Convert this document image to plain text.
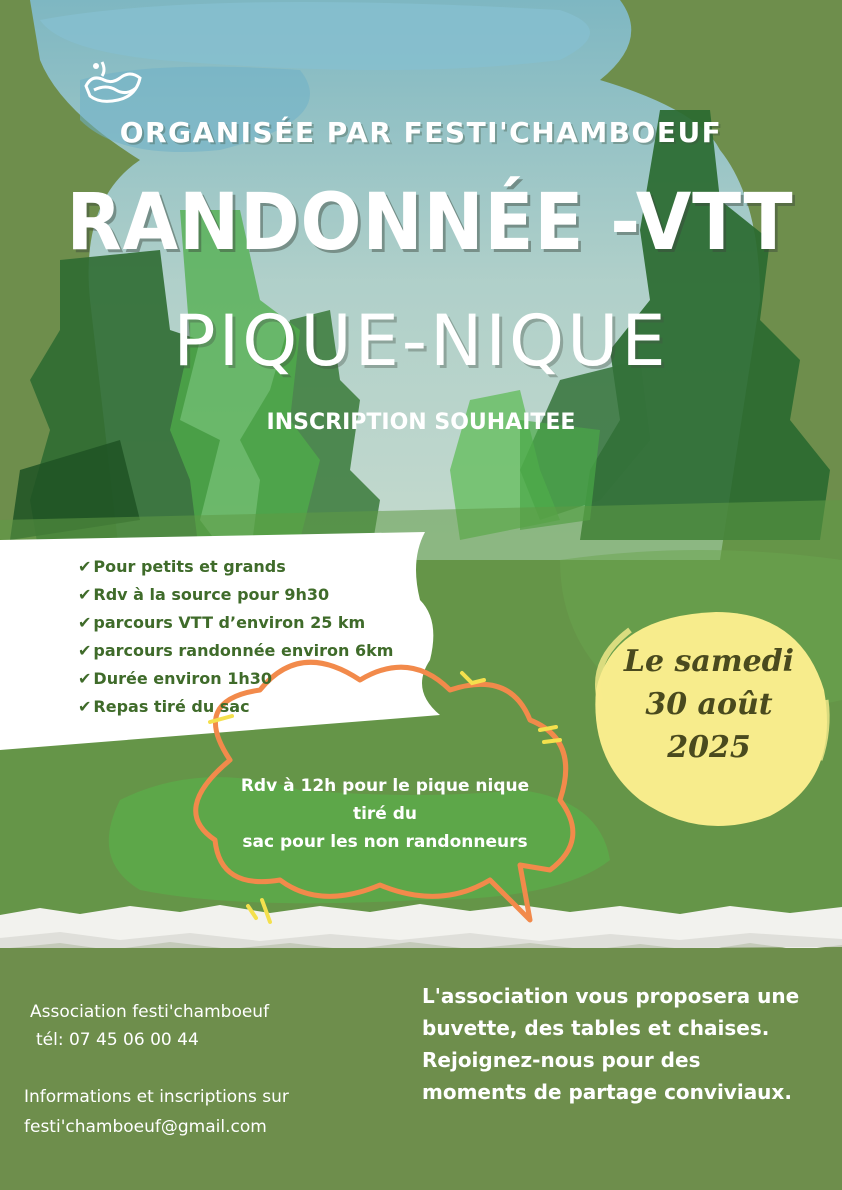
ORGANISÉE PAR FESTI'CHAMBOEUF
RANDONNÉE -VTT
PIQUE-NIQUE
INSCRIPTION SOUHAITEE
✔ Pour petits et grands
✔ Rdv à la source pour 9h30
✔ parcours VTT d’environ 25 km
✔ parcours randonnée environ 6km
✔ Durée environ 1h30
✔ Repas tiré du sac
Le samedi
30 août
2025
Rdv à 12h pour le pique nique
tiré du
sac pour les non randonneurs
Association festi'chamboeuf
tél: 07 45 06 00 44
Informations et inscriptions sur
festi'chamboeuf@gmail.com
L'association vous proposera une
buvette, des tables et chaises.
Rejoignez-nous pour des
moments de partage conviviaux.
